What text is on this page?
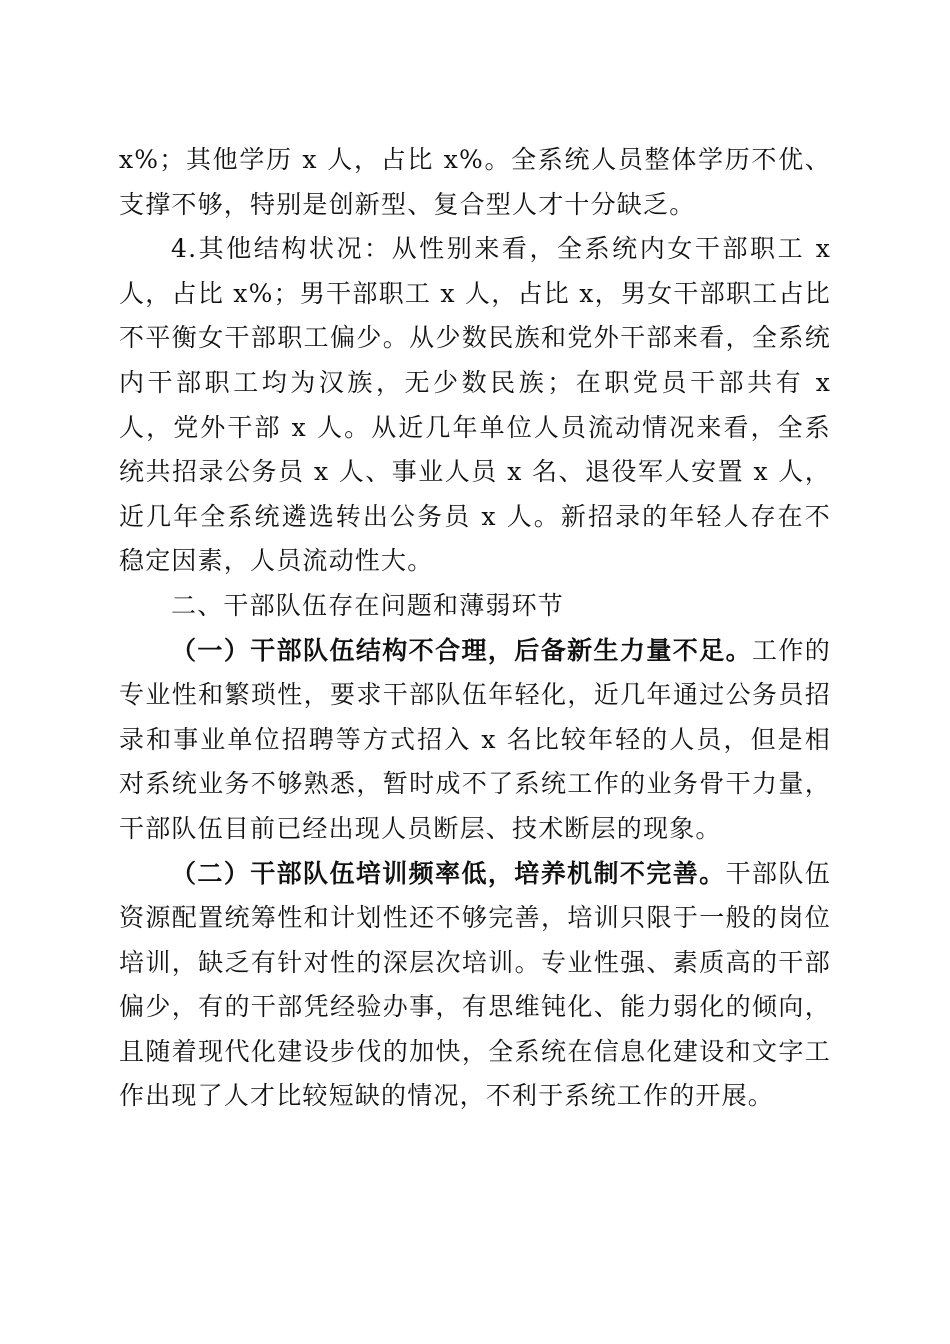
x%；其他学历 x 人，占比 x%。全系统人员整体学历不优、支撑不够，特别是创新型、复合型人才十分缺乏。

4.其他结构状况：从性别来看，全系统内女干部职工 x 人，占比 x%；男干部职工 x 人，占比 x，男女干部职工占比不平衡女干部职工偏少。从少数民族和党外干部来看，全系统内干部职工均为汉族，无少数民族；在职党员干部共有 x 人，党外干部 x 人。从近几年单位人员流动情况来看，全系统共招录公务员 x 人、事业人员 x 名、退役军人安置 x 人，近几年全系统遴选转出公务员 x 人。新招录的年轻人存在不稳定因素，人员流动性大。

二、干部队伍存在问题和薄弱环节

（一）干部队伍结构不合理，后备新生力量不足。工作的专业性和繁琐性，要求干部队伍年轻化，近几年通过公务员招录和事业单位招聘等方式招入 x 名比较年轻的人员，但是相对系统业务不够熟悉，暂时成不了系统工作的业务骨干力量，干部队伍目前已经出现人员断层、技术断层的现象。

（二）干部队伍培训频率低，培养机制不完善。干部队伍资源配置统筹性和计划性还不够完善，培训只限于一般的岗位培训，缺乏有针对性的深层次培训。专业性强、素质高的干部偏少，有的干部凭经验办事，有思维钝化、能力弱化的倾向，且随着现代化建设步伐的加快，全系统在信息化建设和文字工作出现了人才比较短缺的情况，不利于系统工作的开展。
